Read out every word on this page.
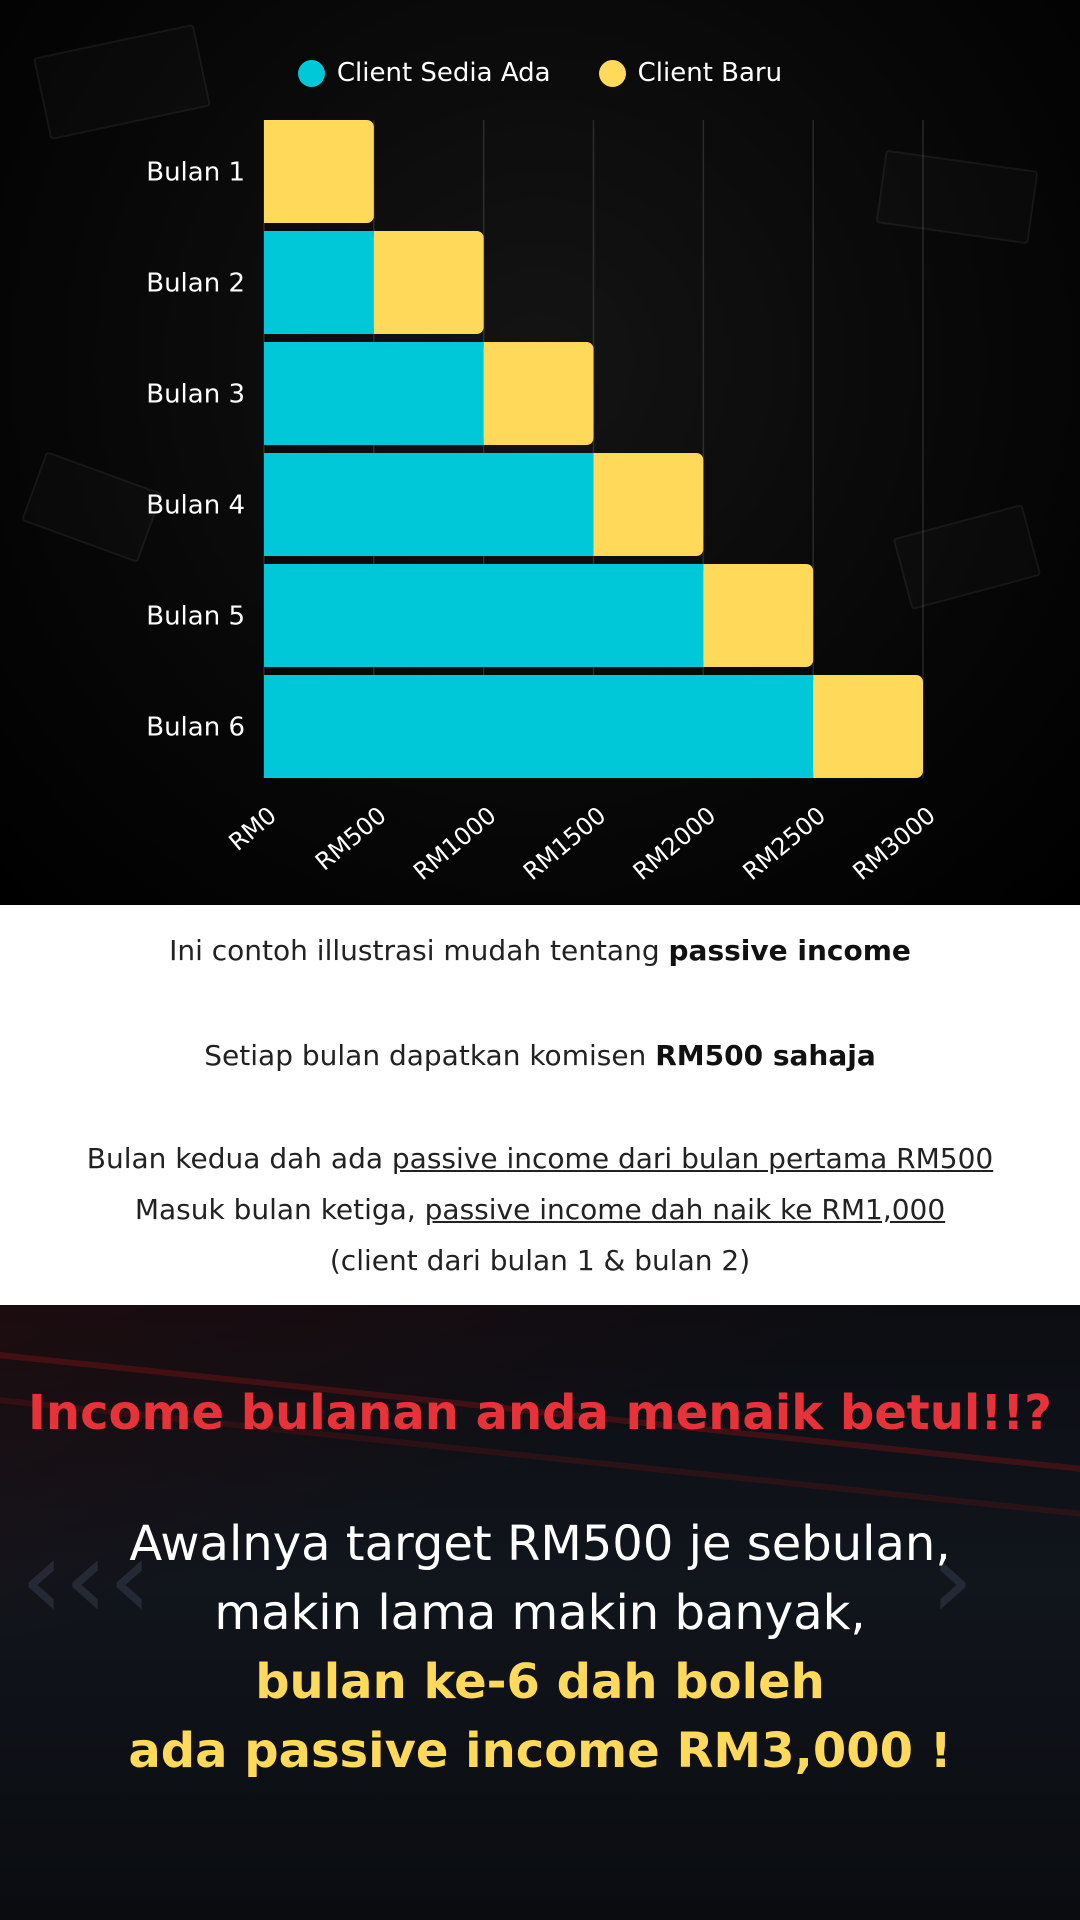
Client Sedia Ada	Client Baru
Bulan 1
Bulan 2
Bulan 3
Bulan 4
Bulan 5
Bulan 6
RM0 RM500 RM1000 RM1500 RM2000 RM2500 RM3000

Ini contoh illustrasi mudah tentang passive income

Setiap bulan dapatkan komisen RM500 sahaja

Bulan kedua dah ada passive income dari bulan pertama RM500

Masuk bulan ketiga, passive income dah naik ke RM1,000

(client dari bulan 1 & bulan 2)

‹‹‹	›
Income bulanan anda menaik betul!!?
Awalnya target RM500 je sebulan,
makin lama makin banyak,
bulan ke-6 dah boleh
ada passive income RM3,000 !
